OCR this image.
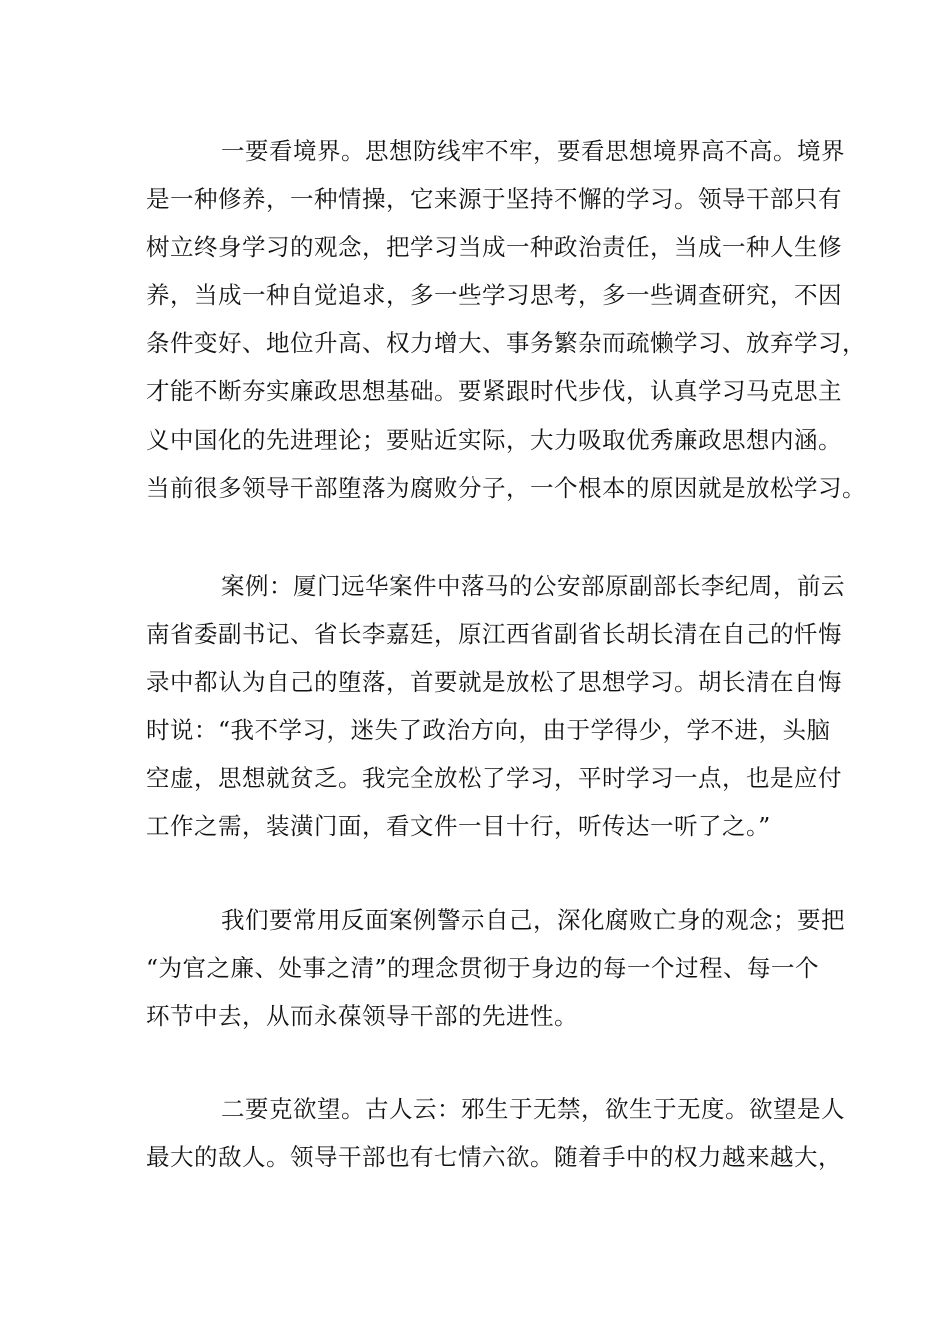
一要看境界。思想防线牢不牢，要看思想境界高不高。境界
是一种修养，一种情操，它来源于坚持不懈的学习。领导干部只有
树立终身学习的观念，把学习当成一种政治责任，当成一种人生修
养，当成一种自觉追求，多一些学习思考，多一些调查研究，不因
条件变好、地位升高、权力增大、事务繁杂而疏懒学习、放弃学习，
才能不断夯实廉政思想基础。要紧跟时代步伐，认真学习马克思主
义中国化的先进理论；要贴近实际，大力吸取优秀廉政思想内涵。
当前很多领导干部堕落为腐败分子，一个根本的原因就是放松学习。
案例：厦门远华案件中落马的公安部原副部长李纪周，前云
南省委副书记、省长李嘉廷，原江西省副省长胡长清在自己的忏悔
录中都认为自己的堕落，首要就是放松了思想学习。胡长清在自悔
时说：“我不学习，迷失了政治方向，由于学得少，学不进，头脑
空虚，思想就贫乏。我完全放松了学习，平时学习一点，也是应付
工作之需，装潢门面，看文件一目十行，听传达一听了之。”
我们要常用反面案例警示自己，深化腐败亡身的观念；要把
“为官之廉、处事之清”的理念贯彻于身边的每一个过程、每一个
环节中去，从而永葆领导干部的先进性。
二要克欲望。古人云：邪生于无禁，欲生于无度。欲望是人
最大的敌人。领导干部也有七情六欲。随着手中的权力越来越大，
